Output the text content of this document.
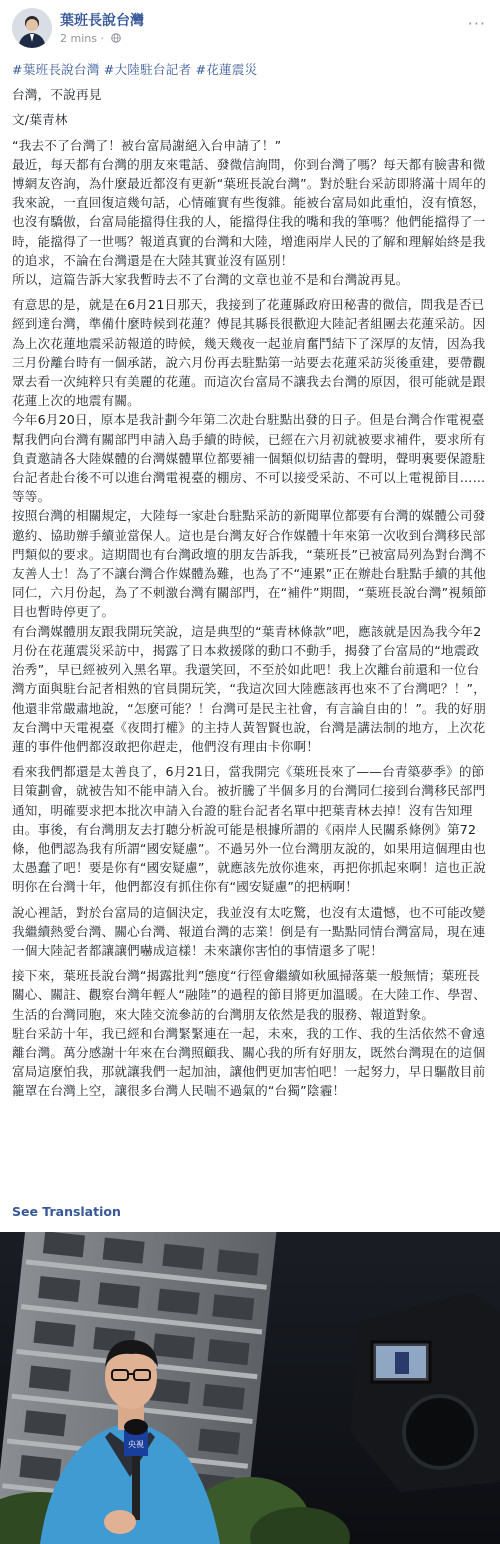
葉班長說台灣
2 mins ·
···

#葉班長說台灣 #大陸駐台記者 #花蓮震災

台灣，不說再見

文/葉青林

“我去不了台灣了！被台富局謝絕入台申請了！”

最近，每天都有台灣的朋友來電話、發微信詢問，你到台灣了嗎？每天都有臉書和微博網友咨詢，為什麼最近都沒有更新“葉班長說台灣”。對於駐台采訪即將滿十周年的我來說，一直回復這幾句話，心情確實有些復雜。能被台富局如此重怕，沒有憤怒，也沒有驕傲，台富局能擋得住我的人，能擋得住我的嘴和我的筆嗎？他們能擋得了一時，能擋得了一世嗎？報道真實的台灣和大陸，增進兩岸人民的了解和理解始終是我的追求，不論在台灣還是在大陸其實並沒有區別！

所以，這篇告訴大家我暫時去不了台灣的文章也並不是和台灣說再見。

有意思的是，就是在6月21日那天，我接到了花蓮縣政府田秘書的微信，問我是否已經到達台灣，準備什麼時候到花蓮？傅昆其縣長很歡迎大陸記者組團去花蓮采訪。因為上次花蓮地震采訪報道的時候，幾天幾夜一起並肩奮鬥結下了深厚的友情，因為我三月份離台時有一個承諾，說六月份再去駐點第一站要去花蓮采訪災後重建，要帶觀眾去看一次純粹只有美麗的花蓮。而這次台富局不讓我去台灣的原因，很可能就是跟花蓮上次的地震有關。

今年6月20日，原本是我計劃今年第二次赴台駐點出發的日子。但是台灣合作電視臺幫我們向台灣有關部門申請入島手續的時候，已經在六月初就被要求補件，要求所有負責邀請各大陸媒體的台灣媒體單位都要補一個類似切結書的聲明，聲明裏要保證駐台記者赴台後不可以進台灣電視臺的棚房、不可以接受采訪、不可以上電視節目……等等。

按照台灣的相關規定，大陸每一家赴台駐點采訪的新聞單位都要有台灣的媒體公司發邀約、協助辦手續並當保人。這也是台灣友好合作媒體十年來第一次收到台灣移民部門類似的要求。這期間也有台灣政壇的朋友告訴我，“葉班長”已被富局列為對台灣不友善人士！為了不讓台灣合作媒體為難，也為了不“連累”正在辦赴台駐點手續的其他同仁，六月份起，為了不刺激台灣有關部門，在“補件”期間，“葉班長說台灣”視頻節目也暫時停更了。

有台灣媒體朋友跟我開玩笑說，這是典型的“葉青林條款”吧，應該就是因為我今年2月份在花蓮震災采訪中，揭露了日本救援隊的動口不動手，揭發了台富局的“地震政治秀”，早已經被列入黑名單。我還笑回，不至於如此吧！我上次離台前還和一位台灣方面與駐台記者相熟的官員開玩笑，“我這次回大陸應該再也來不了台灣吧？！”，他還非常嚴肅地說，“怎麼可能？！台灣可是民主社會，有言論自由的！”。我的好朋友台灣中天電視臺《夜問打權》的主持人黃智賢也說，台灣是講法制的地方，上次花蓮的事件他們都沒敢把你趕走，他們沒有理由卡你啊！

看來我們都還是太善良了，6月21日，當我開完《葉班長來了——台青築夢季》的節目策劃會，就被告知不能申請入台。被折騰了半個多月的台灣同仁接到台灣移民部門通知，明確要求把本批次申請入台證的駐台記者名單中把葉青林去掉！沒有告知理由。事後，有台灣朋友去打聽分析說可能是根據所謂的《兩岸人民關系條例》第72條，他們認為我有所謂“國安疑慮”。不過另外一位台灣朋友說的，如果用這個理由也太愚蠢了吧！要是你有“國安疑慮”，就應該先放你進來，再把你抓起來啊！這也正說明你在台灣十年，他們都沒有抓住你有“國安疑慮”的把柄啊！

說心裡話，對於台富局的這個決定，我並沒有太吃驚，也沒有太遺憾，也不可能改變我繼續熱愛台灣、關心台灣、報道台灣的志業！倒是有一點點同情台灣富局，現在連一個大陸記者都讓讓們嚇成這樣！未來讓你害怕的事情還多了呢！

接下來，葉班長說台灣“揭露批判”態度“行徑會繼續如秋風掃落葉一般無情；葉班長關心、關註、觀察台灣年輕人“融陸”的過程的節目將更加溫暖。在大陸工作、學習、生活的台灣同胞，來大陸交流參訪的台灣朋友依然是我的服務、報道對象。

駐台采訪十年，我已經和台灣緊緊連在一起，未來，我的工作、我的生活依然不會遠離台灣。萬分感謝十年來在台灣照顧我、關心我的所有好朋友，既然台灣現在的這個富局這麼怕我，那就讓我們一起加油，讓他們更加害怕吧！一起努力，早日驅散目前籠罩在台灣上空，讓很多台灣人民喘不過氣的“台獨”陰霾！

See Translation
央視
